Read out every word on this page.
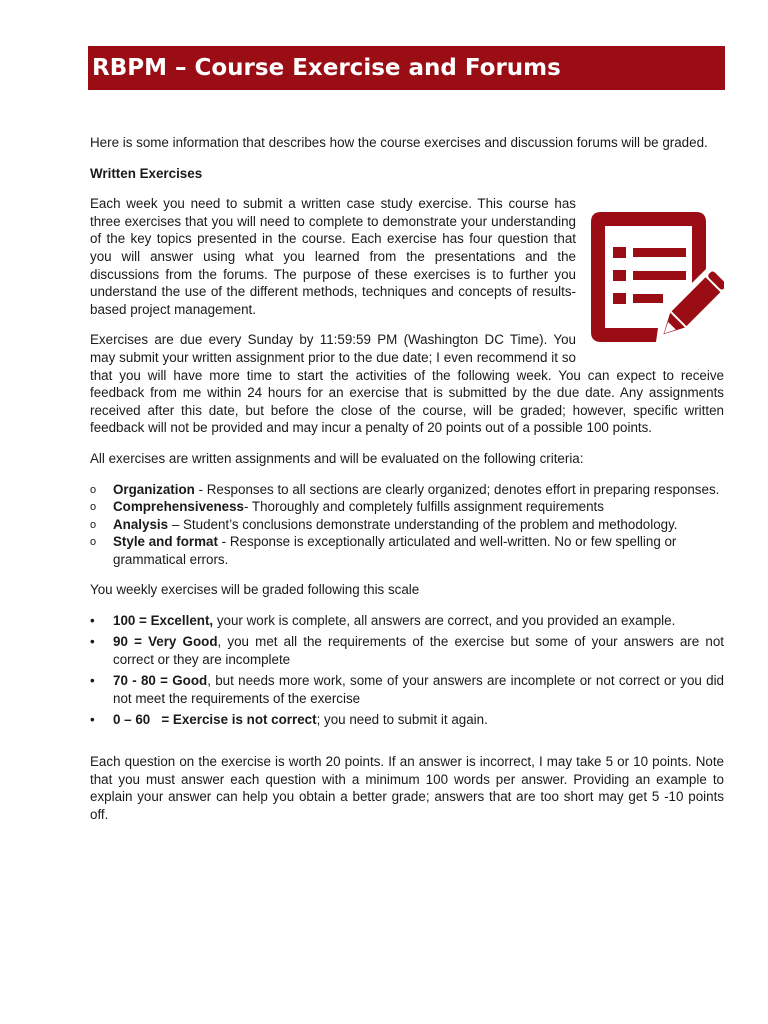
RBPM – Course Exercise and Forums

Here is some information that describes how the course exercises and discussion forums will be graded.

Written Exercises

Each week you need to submit a written case study exercise. This course has three exercises that you will need to complete to demonstrate your understanding of the key topics presented in the course. Each exercise has four question that you will answer using what you learned from the presentations and the discussions from the forums. The purpose of these exercises is to further you understand the use of the different methods, techniques and concepts of results-based project management.

Exercises are due every Sunday by 11:59:59 PM (Washington DC Time). You may submit your written assignment prior to the due date; I even recommend it so that you will have more time to start the activities of the following week. You can expect to receive feedback from me within 24 hours for an exercise that is submitted by the due date. Any assignments received after this date, but before the close of the course, will be graded; however, specific written feedback will not be provided and may incur a penalty of 20 points out of a possible 100 points.

All exercises are written assignments and will be evaluated on the following criteria:

o Organization - Responses to all sections are clearly organized; denotes effort in preparing responses.
o Comprehensiveness- Thoroughly and completely fulfills assignment requirements
o Analysis – Student’s conclusions demonstrate understanding of the problem and methodology.
o Style and format - Response is exceptionally articulated and well-written. No or few spelling or grammatical errors.

You weekly exercises will be graded following this scale

• 100 = Excellent, your work is complete, all answers are correct, and you provided an example.
• 90 = Very Good, you met all the requirements of the exercise but some of your answers are not correct or they are incomplete
• 70 - 80 = Good, but needs more work, some of your answers are incomplete or not correct or you did not meet the requirements of the exercise
• 0 – 60   = Exercise is not correct; you need to submit it again.

Each question on the exercise is worth 20 points. If an answer is incorrect, I may take 5 or 10 points. Note that you must answer each question with a minimum 100 words per answer. Providing an example to explain your answer can help you obtain a better grade; answers that are too short may get 5 -10 points off.
